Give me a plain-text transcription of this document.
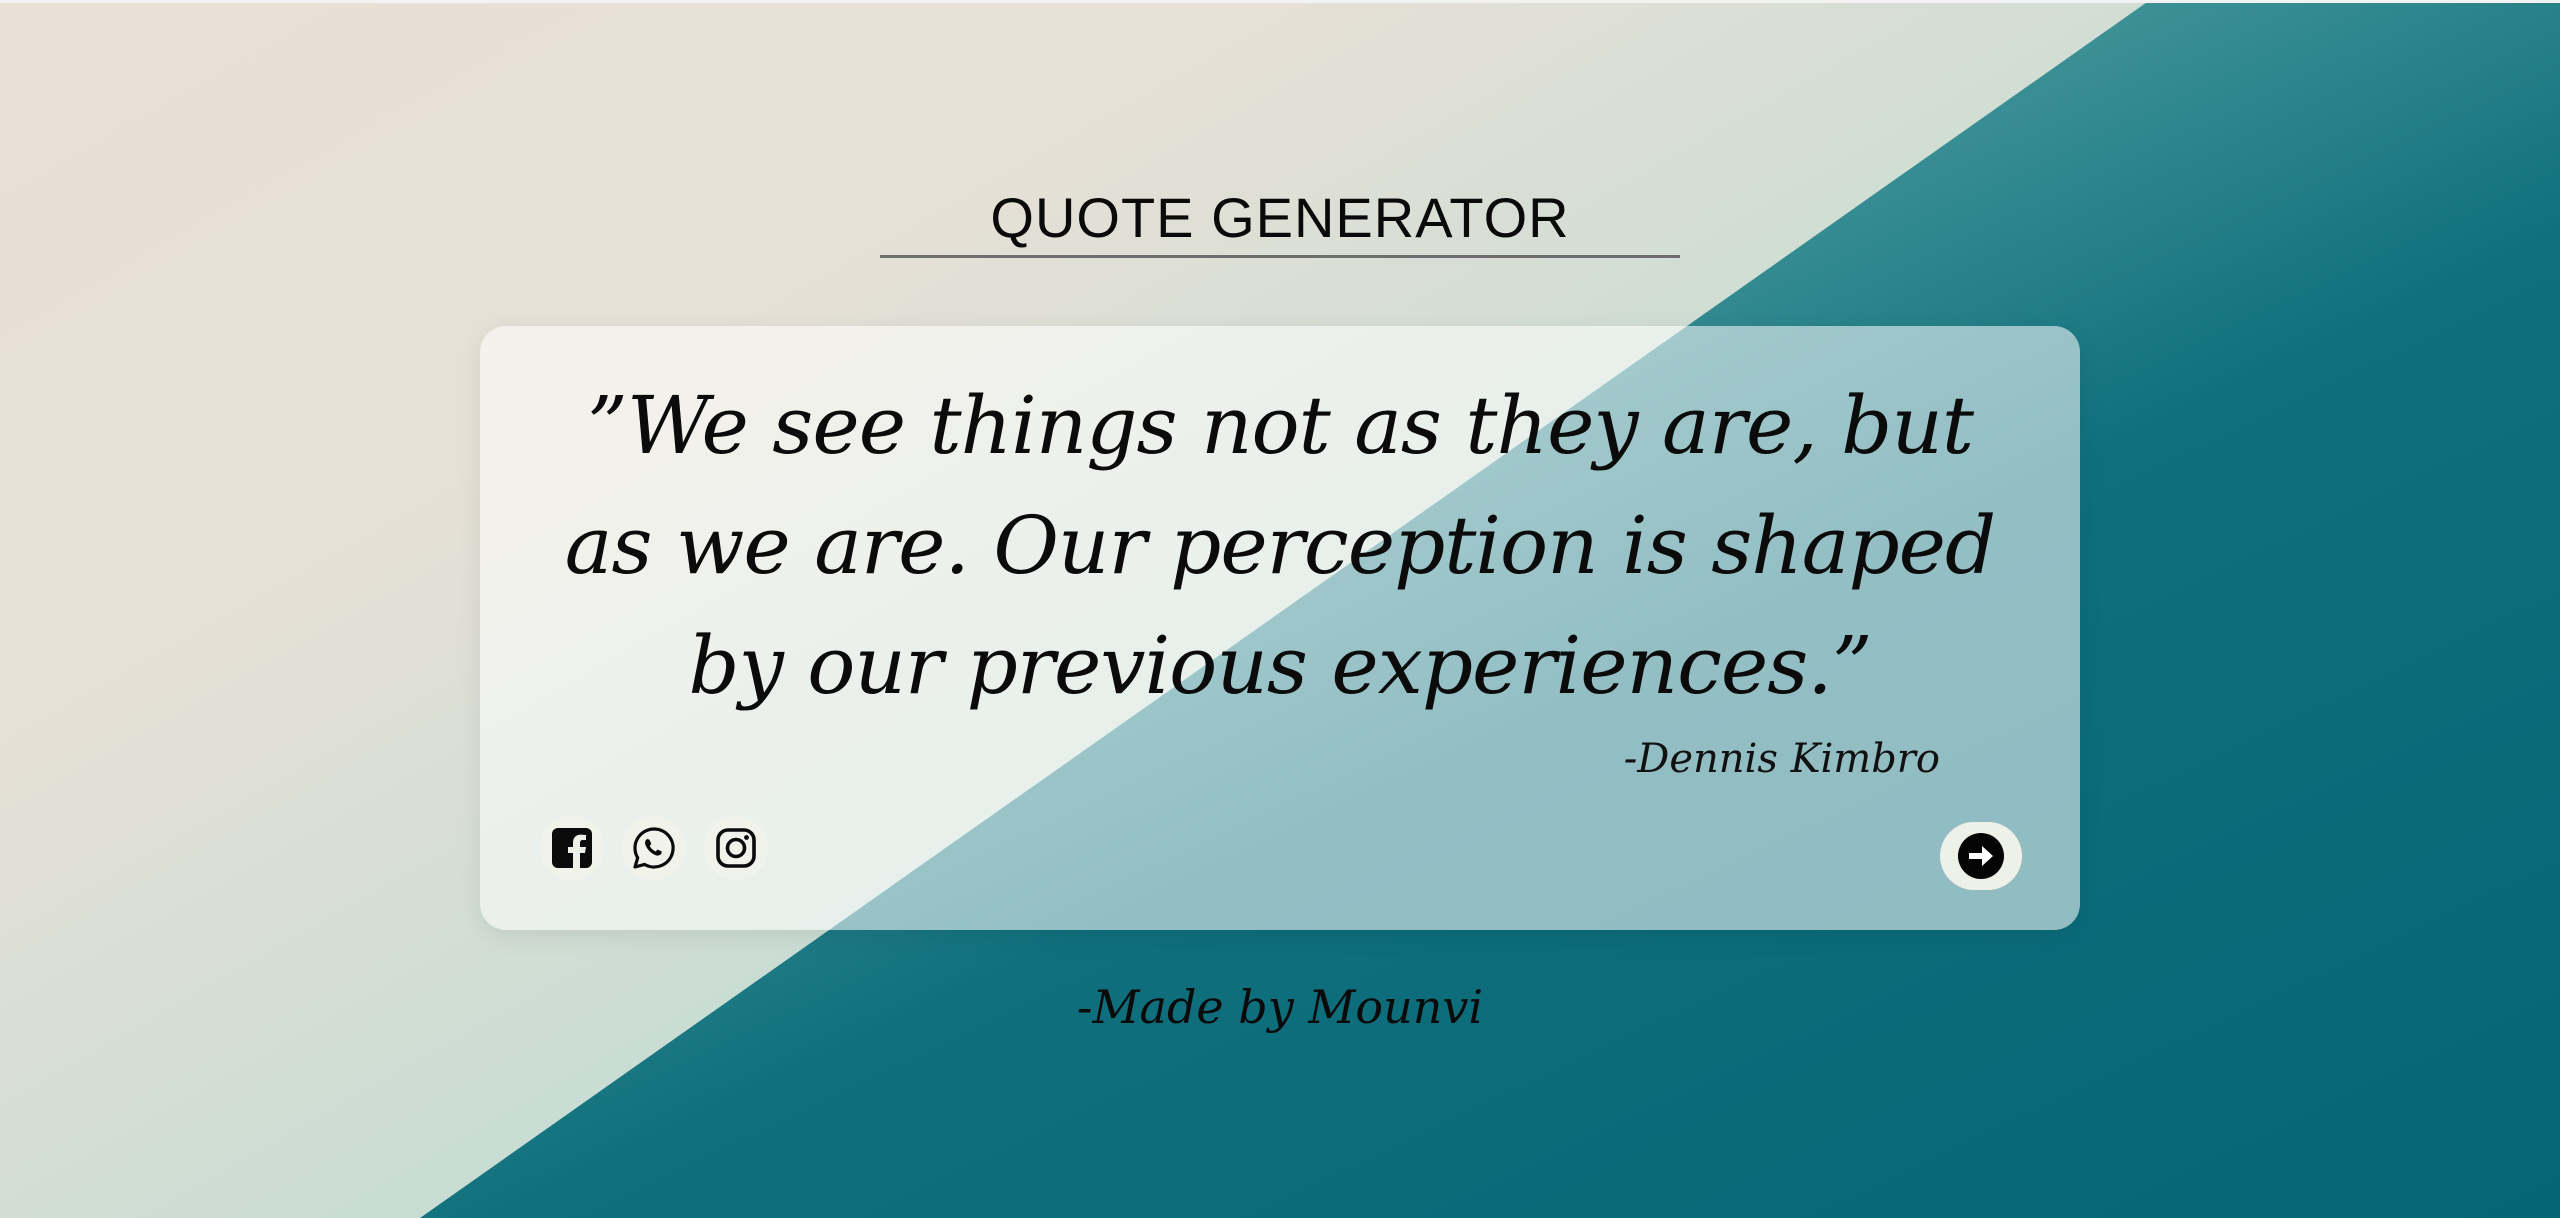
QUOTE GENERATOR
”We see things not as they are, but as we are. Our perception is shaped by our previous experiences.”
-Dennis Kimbro
-Made by Mounvi
